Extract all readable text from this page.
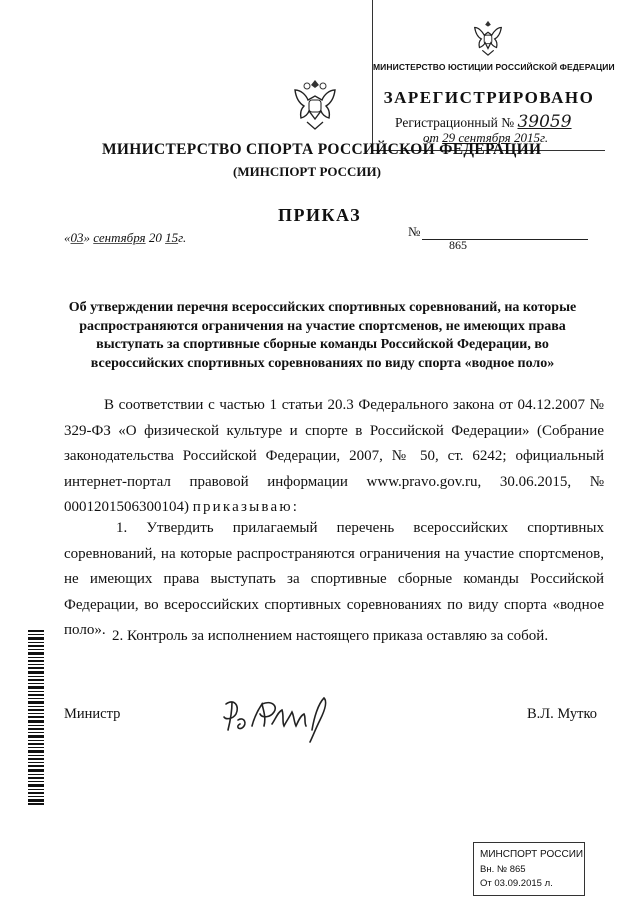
МИНИСТЕРСТВО ЮСТИЦИИ РОССИЙСКОЙ ФЕДЕРАЦИИ
ЗАРЕГИСТРИРОВАНО
Регистрационный № 39059
от 29 сентября 2015г.
МИНИСТЕРСТВО СПОРТА РОССИЙСКОЙ ФЕДЕРАЦИИ
(МИНСПОРТ РОССИИ)
ПРИКАЗ
«03» сентября 20 15г.	№
865
Об утверждении перечня всероссийских спортивных соревнований, на которые распространяются ограничения на участие спортсменов, не имеющих права выступать за спортивные сборные команды Российской Федерации, во всероссийских спортивных соревнованиях по виду спорта «водное поло»

В соответствии с частью 1 статьи 20.3 Федерального закона от 04.12.2007 № 329-ФЗ «О физической культуре и спорте в Российской Федерации» (Собрание законодательства Российской Федерации, 2007, № 50, ст. 6242; официальный интернет-портал правовой информации www.pravo.gov.ru, 30.06.2015, № 0001201506300104) приказываю:

1. Утвердить прилагаемый перечень всероссийских спортивных соревнований, на которые распространяются ограничения на участие спортсменов, не имеющих права выступать за спортивные сборные команды Российской Федерации, во всероссийских спортивных соревнованиях по виду спорта «водное поло». 2. Контроль за исполнением настоящего приказа оставляю за собой.

Министр	В.Л. Мутко
МИНСПОРТ РОССИИ
Вн. № 865
От 03.09.2015 л.
